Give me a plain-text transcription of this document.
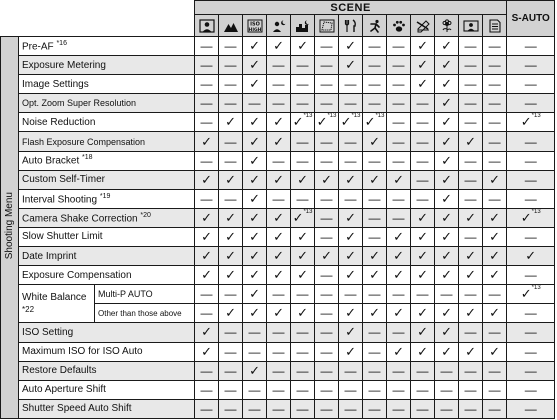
			SCENE													S-AUTO

ISO
HIGH

Shooting Menu	Pre-AF $^{*16}$		—	—	✓	✓	✓	—	✓	—	—	✓	✓	—	—	—
	Exposure Metering		—	—	✓	—	—	—	✓	—	—	✓	✓	—	—	—
	Image Settings		—	—	✓	—	—	—	—	—	—	✓	✓	—	—	—
	Opt. Zoom Super Resolution		—	—	—	—	—	—	—	—	—	—	✓	—	—	—
	Noise Reduction		—	✓	✓	✓	✓$^{*13}$	✓$^{*13}$	✓$^{*13}$	✓$^{*13}$	—	—	✓	—	—	✓$^{*13}$
	Flash Exposure Compensation		✓	—	✓	✓	—	—	—	✓	—	—	✓	✓	—	—
	Auto Bracket $^{*18}$		—	—	✓	—	—	—	—	—	—	—	✓	—	—	—
	Custom Self-Timer		✓	✓	✓	✓	✓	✓	✓	✓	✓	—	✓	—	✓	—
	Interval Shooting $^{*19}$		—	—	✓	—	—	—	—	—	—	—	✓	—	—	—
	Camera Shake Correction $^{*20}$		✓	✓	✓	✓	✓$^{*13}$	—	✓	—	—	✓	✓	✓	✓	✓$^{*13}$
	Slow Shutter Limit		✓	✓	✓	✓	✓	—	✓	—	✓	✓	✓	—	✓	—
	Date Imprint		✓	✓	✓	✓	✓	✓	✓	✓	✓	✓	✓	✓	✓	✓
	Exposure Compensation		✓	✓	✓	✓	✓	—	✓	✓	✓	✓	✓	✓	✓	—
	White Balance
*22	Multi-P AUTO	—	—	✓	—	—	—	—	—	—	—	—	—	—	✓$^{*13}$
		Other than those above	—	✓	✓	✓	✓	—	✓	✓	✓	✓	✓	✓	✓	—
	ISO Setting		✓	—	—	—	—	—	✓	—	—	✓	✓	—	—	—
	Maximum ISO for ISO Auto		✓	—	—	—	—	—	✓	—	✓	✓	✓	✓	✓	—
	Restore Defaults		—	—	✓	—	—	—	—	—	—	—	—	—	—	—
	Auto Aperture Shift		—	—	—	—	—	—	—	—	—	—	—	—	—	—
	Shutter Speed Auto Shift		—	—	—	—	—	—	—	—	—	—	—	—	—	—
